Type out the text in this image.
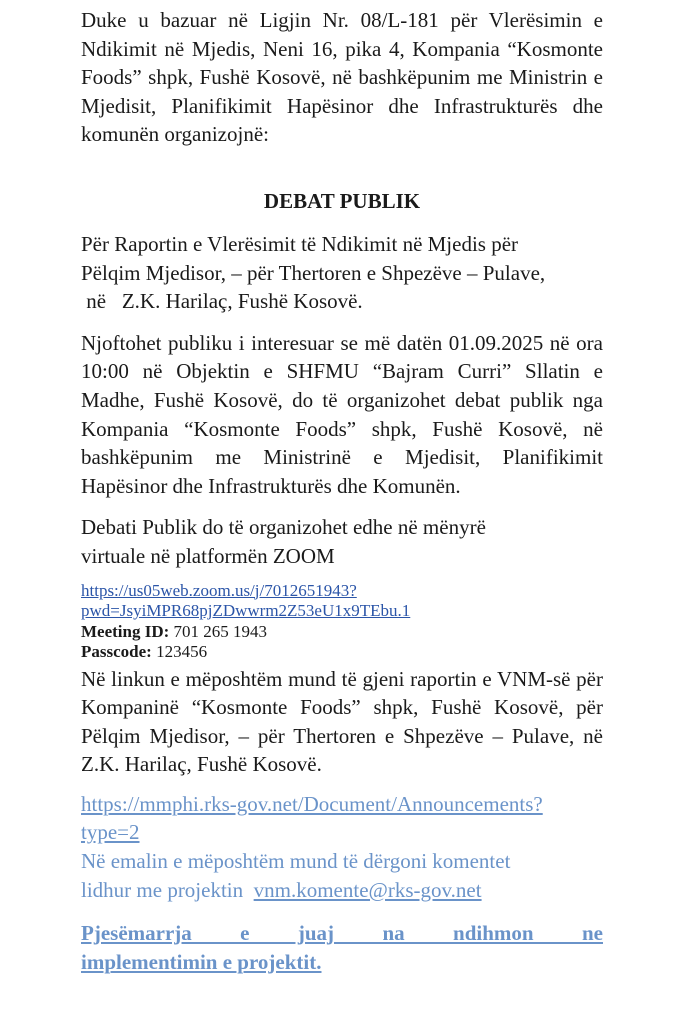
Duke u bazuar në Ligjin Nr. 08/L-181 për Vlerësimin e Ndikimit në Mjedis, Neni 16, pika 4, Kompania “Kosmonte Foods” shpk, Fushë Kosovë, në bashkëpunim me Ministrin e Mjedisit, Planifikimit Hapësinor dhe Infrastrukturës dhe komunën organizojnë:

DEBAT PUBLIK

Për Raportin e Vlerësimit të Ndikimit në Mjedis për
Pëlqim Mjedisor, – për Thertoren e Shpezëve – Pulave,
në   Z.K. Harilaç, Fushë Kosovë.

Njoftohet publiku i interesuar se më datën 01.09.2025 në ora 10:00 në Objektin e SHFMU “Bajram Curri” Sllatin e Madhe, Fushë Kosovë, do të organizohet debat publik nga Kompania “Kosmonte Foods” shpk, Fushë Kosovë, në bashkëpunim me Ministrinë e Mjedisit, Planifikimit Hapësinor dhe Infrastrukturës dhe Komunën.

Debati Publik do të organizohet edhe në mënyrë
virtuale në platformën ZOOM

https://us05web.zoom.us/j/7012651943?
pwd=JsyiMPR68pjZDwwrm2Z53eU1x9TEbu.1
Meeting ID: 701 265 1943
Passcode: 123456

Në linkun e mëposhtëm mund të gjeni raportin e VNM-së për Kompaninë “Kosmonte Foods” shpk, Fushë Kosovë, për Pëlqim Mjedisor, – për Thertoren e Shpezëve – Pulave, në Z.K. Harilaç, Fushë Kosovë.

https://mmphi.rks-gov.net/Document/Announcements?
type=2

Në emalin e mëposhtëm mund të dërgoni komentet
lidhur me projektin  vnm.komente@rks-gov.net

Pjesëmarrja e juaj na ndihmon ne
implementimin e projektit.
